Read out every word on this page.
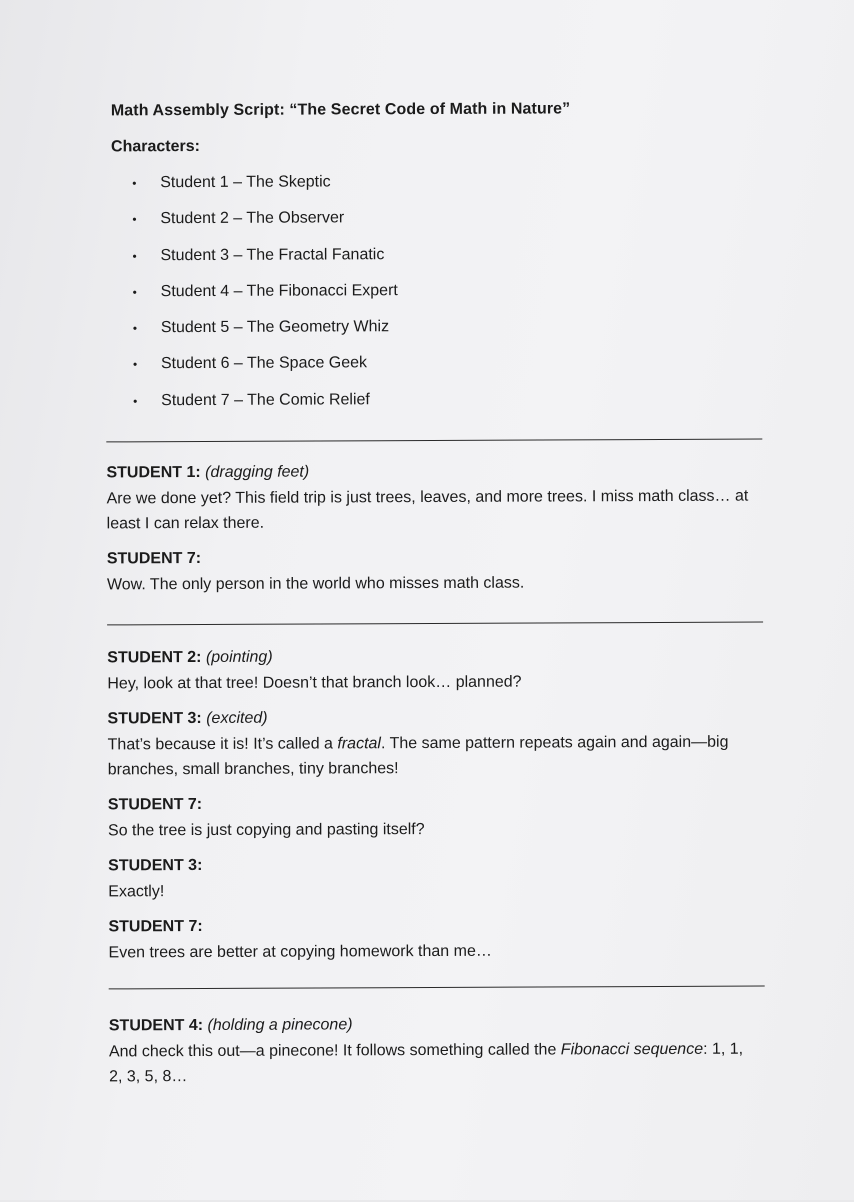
Math Assembly Script: “The Secret Code of Math in Nature”
Characters:
•	Student 1 – The Skeptic
•	Student 2 – The Observer
•	Student 3 – The Fractal Fanatic
•	Student 4 – The Fibonacci Expert
•	Student 5 – The Geometry Whiz
•	Student 6 – The Space Geek
•	Student 7 – The Comic Relief

STUDENT 1: (dragging feet)

Are we done yet? This field trip is just trees, leaves, and more trees. I miss math class… at least I can relax there.

STUDENT 7:

Wow. The only person in the world who misses math class.

STUDENT 2: (pointing)

Hey, look at that tree! Doesn’t that branch look… planned?

STUDENT 3: (excited)

That’s because it is! It’s called a fractal. The same pattern repeats again and again—big branches, small branches, tiny branches!

STUDENT 7:

So the tree is just copying and pasting itself?

STUDENT 3:

Exactly!

STUDENT 7:

Even trees are better at copying homework than me…

STUDENT 4: (holding a pinecone)

And check this out—a pinecone! It follows something called the Fibonacci sequence: 1, 1, 2, 3, 5, 8…
